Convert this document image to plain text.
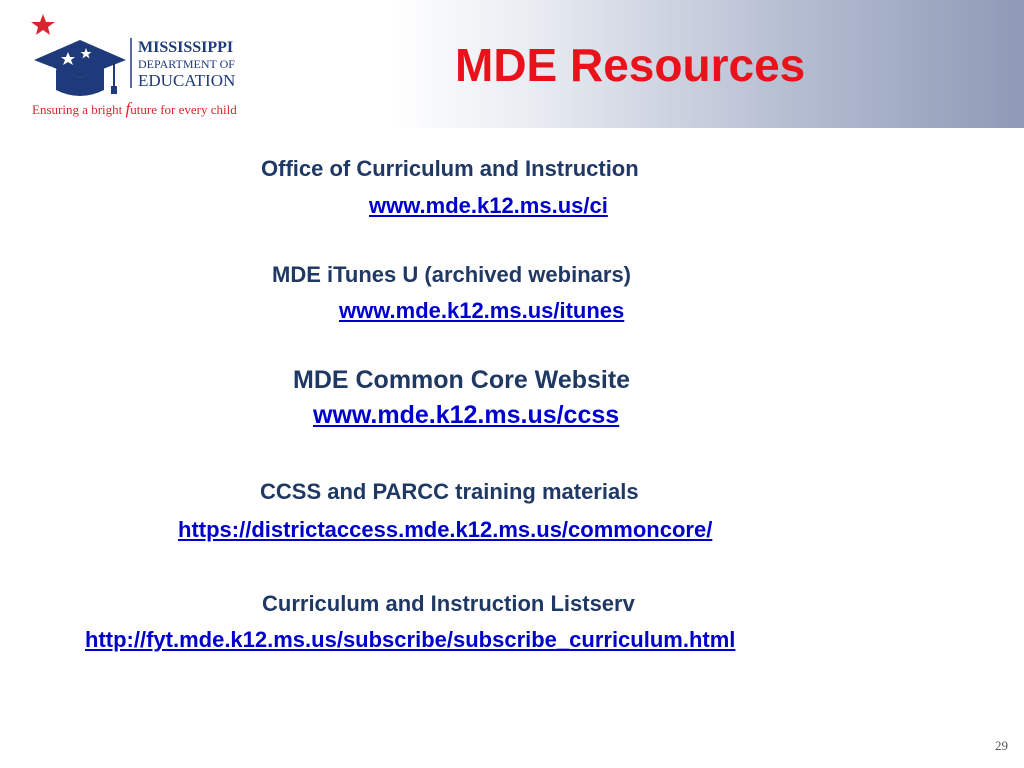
MISSISSIPPI
DEPARTMENT OF
EDUCATION
Ensuring a bright future for every child
MDE Resources
Office of Curriculum and Instruction
www.mde.k12.ms.us/ci
MDE iTunes U (archived webinars)
www.mde.k12.ms.us/itunes
MDE Common Core Website
www.mde.k12.ms.us/ccss
CCSS and PARCC training materials
https://districtaccess.mde.k12.ms.us/commoncore/
Curriculum and Instruction Listserv
http://fyt.mde.k12.ms.us/subscribe/subscribe_curriculum.html
29
